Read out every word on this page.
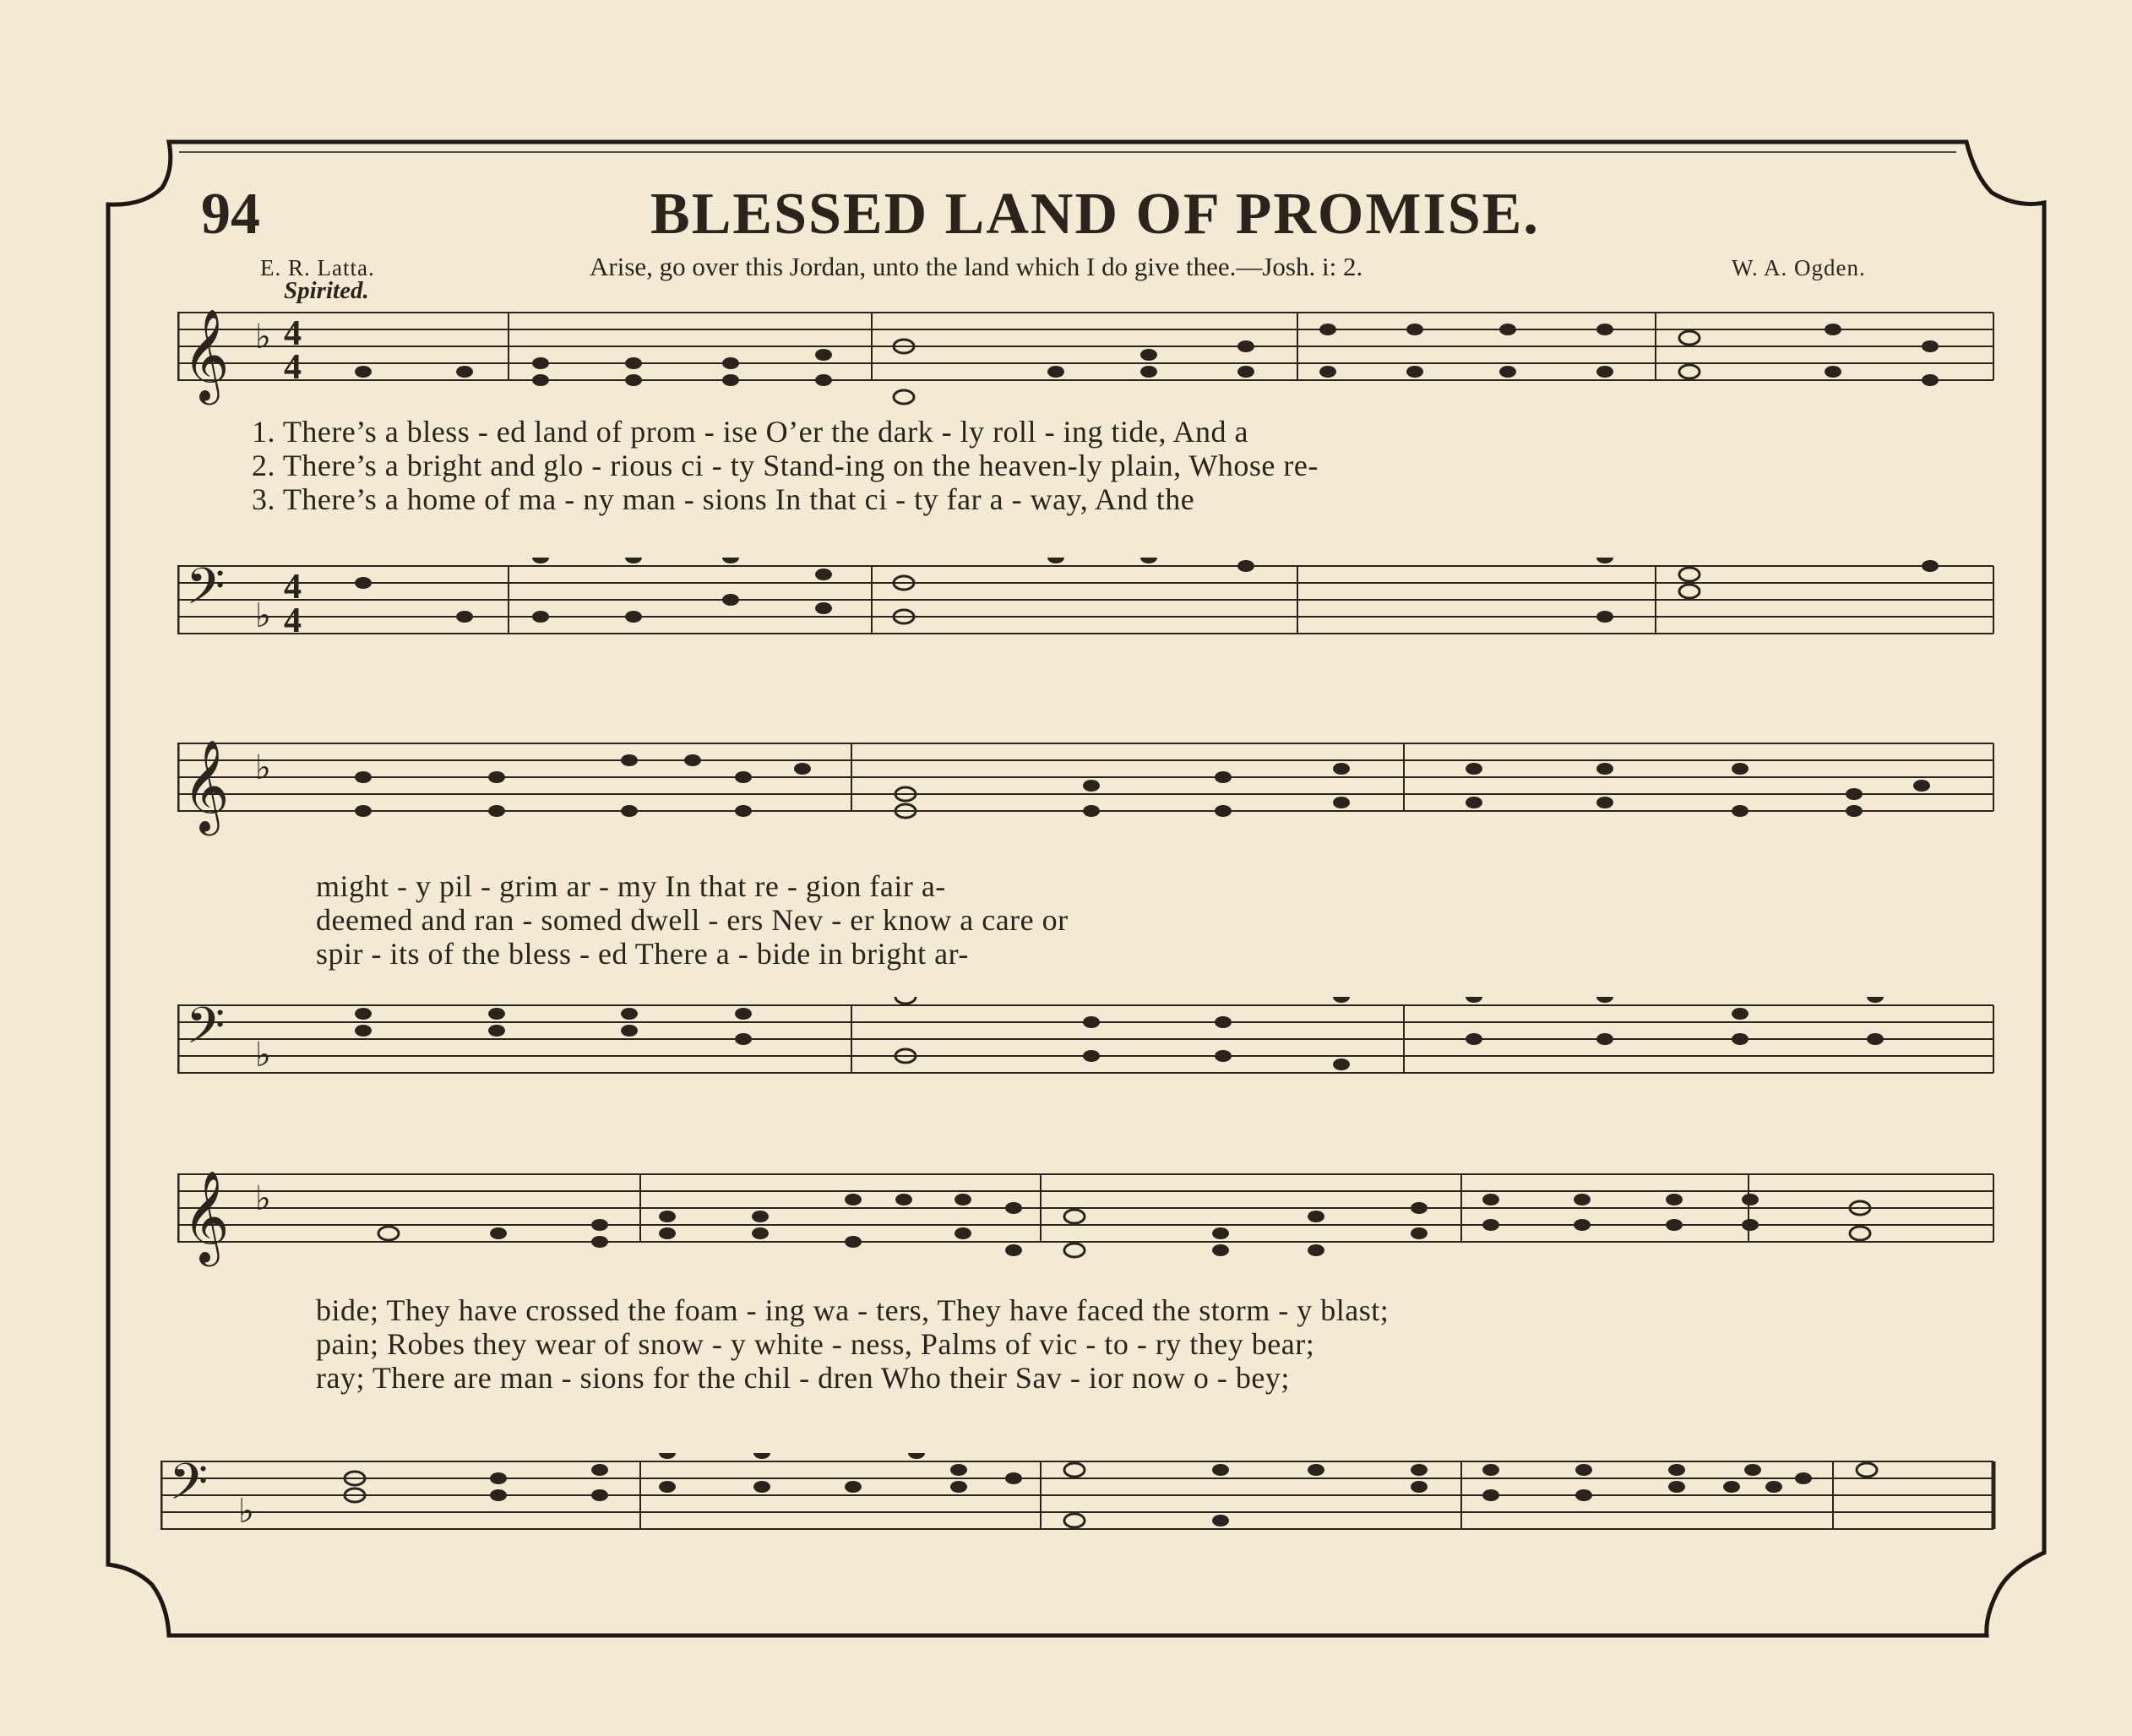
94	BLESSED LAND OF PROMISE.
E. R. Latta.	Arise, go over this Jordan, unto the land which I do give thee.—Josh. i: 2.	W. A. Ogden.
Spirited.
𝄞 ♭ 4
4
1. There’s a bless - ed land of prom - ise O’er the dark - ly roll - ing tide, And a
2. There’s a bright and glo - rious ci - ty Stand-ing on the heaven-ly plain, Whose re-
3. There’s a home of ma - ny man - sions In that ci - ty far a - way, And the
𝄢 ♭
4
4
𝄞 ♭
might - y pil - grim ar - my In that re - gion fair a-
deemed and ran - somed dwell - ers Nev - er know a care or
spir - its of the bless - ed There a - bide in bright ar-
𝄢 ♭
𝄞 ♭
bide; They have crossed the foam - ing wa - ters, They have faced the storm - y blast;
pain; Robes they wear of snow - y white - ness, Palms of vic - to - ry they bear;
ray; There are man - sions for the chil - dren Who their Sav - ior now o - bey;
𝄢 ♭
